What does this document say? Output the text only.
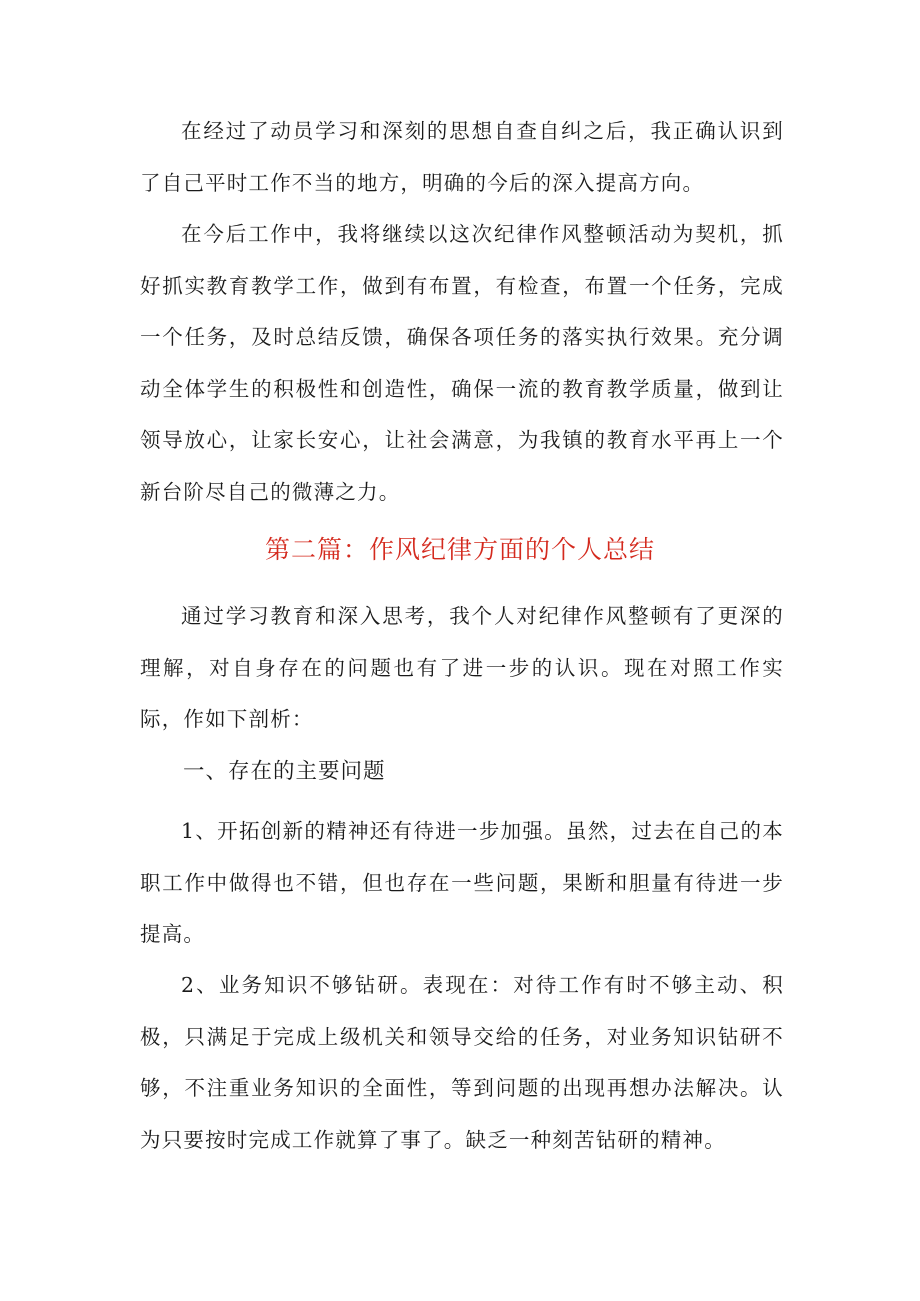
在经过了动员学习和深刻的思想自查自纠之后，我正确认识到了自己平时工作不当的地方，明确的今后的深入提高方向。

在今后工作中，我将继续以这次纪律作风整顿活动为契机，抓好抓实教育教学工作，做到有布置，有检查，布置一个任务，完成一个任务，及时总结反馈，确保各项任务的落实执行效果。充分调动全体学生的积极性和创造性，确保一流的教育教学质量，做到让领导放心，让家长安心，让社会满意，为我镇的教育水平再上一个新台阶尽自己的微薄之力。

第二篇：作风纪律方面的个人总结

通过学习教育和深入思考，我个人对纪律作风整顿有了更深的理解，对自身存在的问题也有了进一步的认识。现在对照工作实际，作如下剖析：

一、存在的主要问题

1、开拓创新的精神还有待进一步加强。虽然，过去在自己的本职工作中做得也不错，但也存在一些问题，果断和胆量有待进一步提高。

2、业务知识不够钻研。表现在：对待工作有时不够主动、积极，只满足于完成上级机关和领导交给的任务，对业务知识钻研不够，不注重业务知识的全面性，等到问题的出现再想办法解决。认为只要按时完成工作就算了事了。缺乏一种刻苦钻研的精神。
